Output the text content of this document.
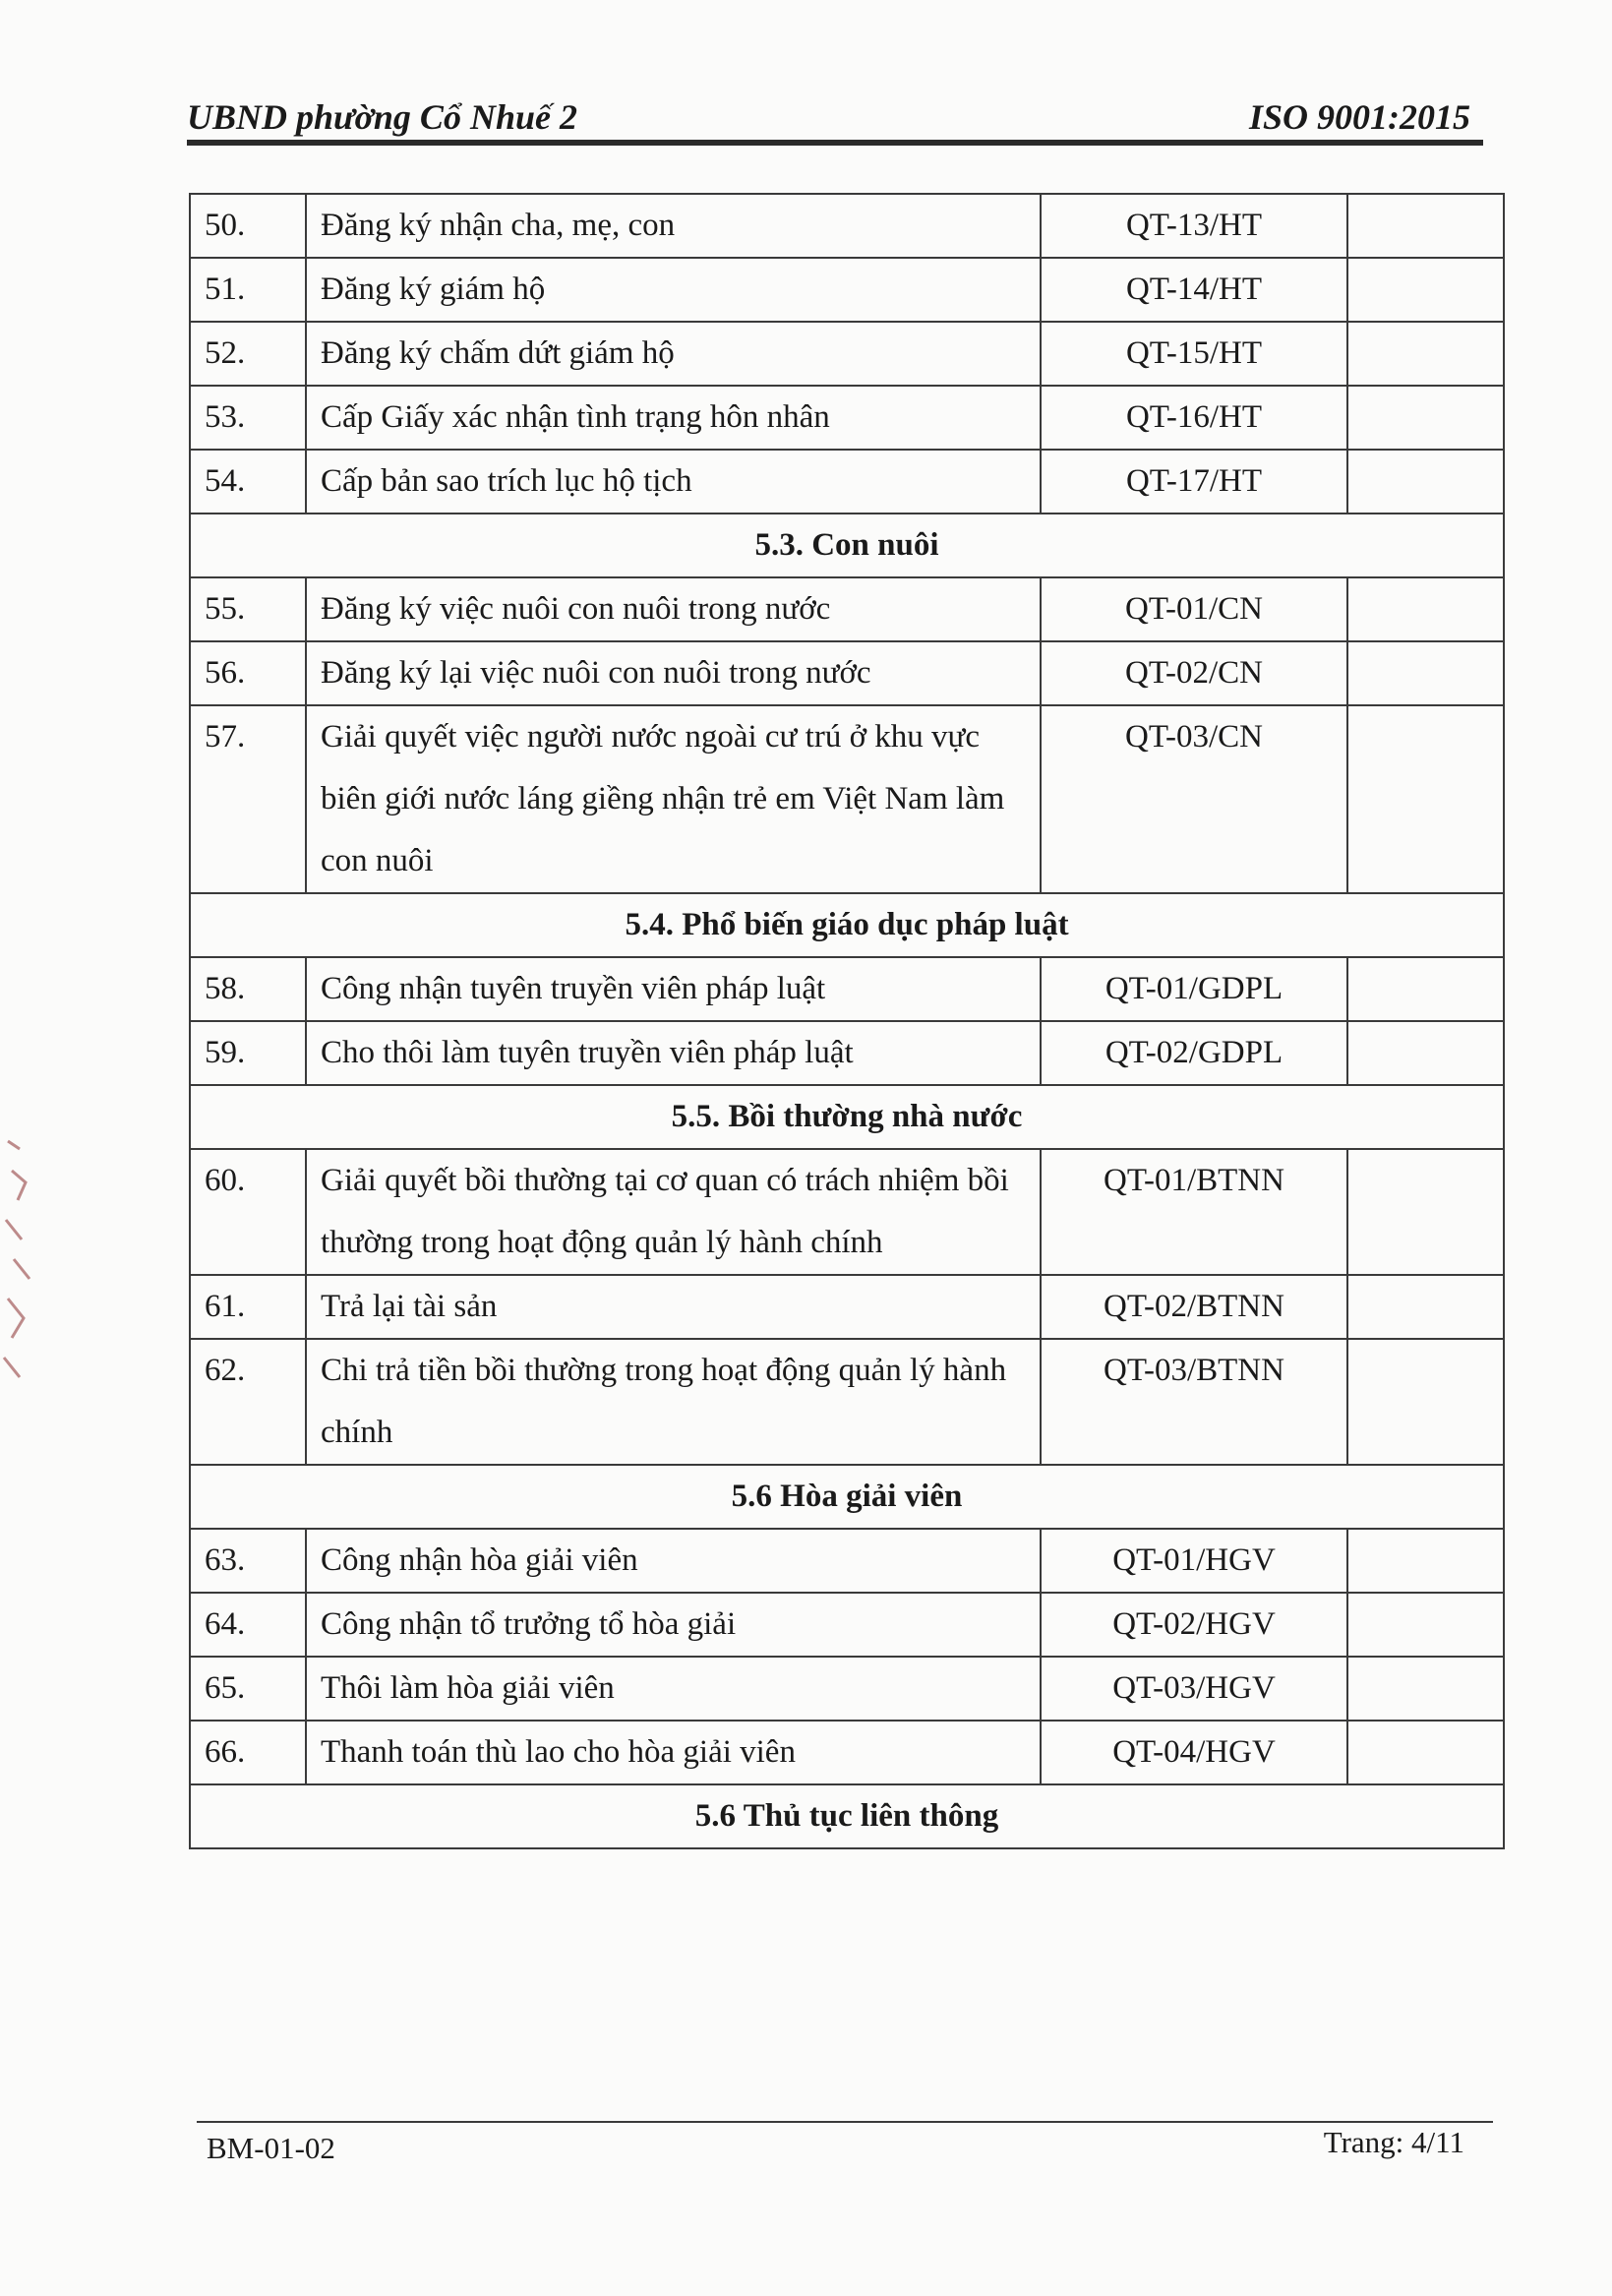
UBND phường Cổ Nhuế 2	ISO 9001:2015
50.	Đăng ký nhận cha, mẹ, con	QT-13/HT	
51.	Đăng ký giám hộ	QT-14/HT	
52.	Đăng ký chấm dứt giám hộ	QT-15/HT	
53.	Cấp Giấy xác nhận tình trạng hôn nhân	QT-16/HT	
54.	Cấp bản sao trích lục hộ tịch	QT-17/HT	
5.3. Con nuôi			
55.	Đăng ký việc nuôi con nuôi trong nước	QT-01/CN	
56.	Đăng ký lại việc nuôi con nuôi trong nước	QT-02/CN	
57.	Giải quyết việc người nước ngoài cư trú ở khu vực biên giới nước láng giềng nhận trẻ em Việt Nam làm con nuôi	QT-03/CN	
5.4. Phổ biến giáo dục pháp luật			
58.	Công nhận tuyên truyền viên pháp luật	QT-01/GDPL	
59.	Cho thôi làm tuyên truyền viên pháp luật	QT-02/GDPL	
5.5. Bồi thường nhà nước			
60.	Giải quyết bồi thường tại cơ quan có trách nhiệm bồi thường trong hoạt động quản lý hành chính	QT-01/BTNN	
61.	Trả lại tài sản	QT-02/BTNN	
62.	Chi trả tiền bồi thường trong hoạt động quản lý hành chính	QT-03/BTNN	
5.6 Hòa giải viên			
63.	Công nhận hòa giải viên	QT-01/HGV	
64.	Công nhận tổ trưởng tổ hòa giải	QT-02/HGV	
65.	Thôi làm hòa giải viên	QT-03/HGV	
66.	Thanh toán thù lao cho hòa giải viên	QT-04/HGV	
5.6 Thủ tục liên thông			
BM-01-02	Trang: 4/11
